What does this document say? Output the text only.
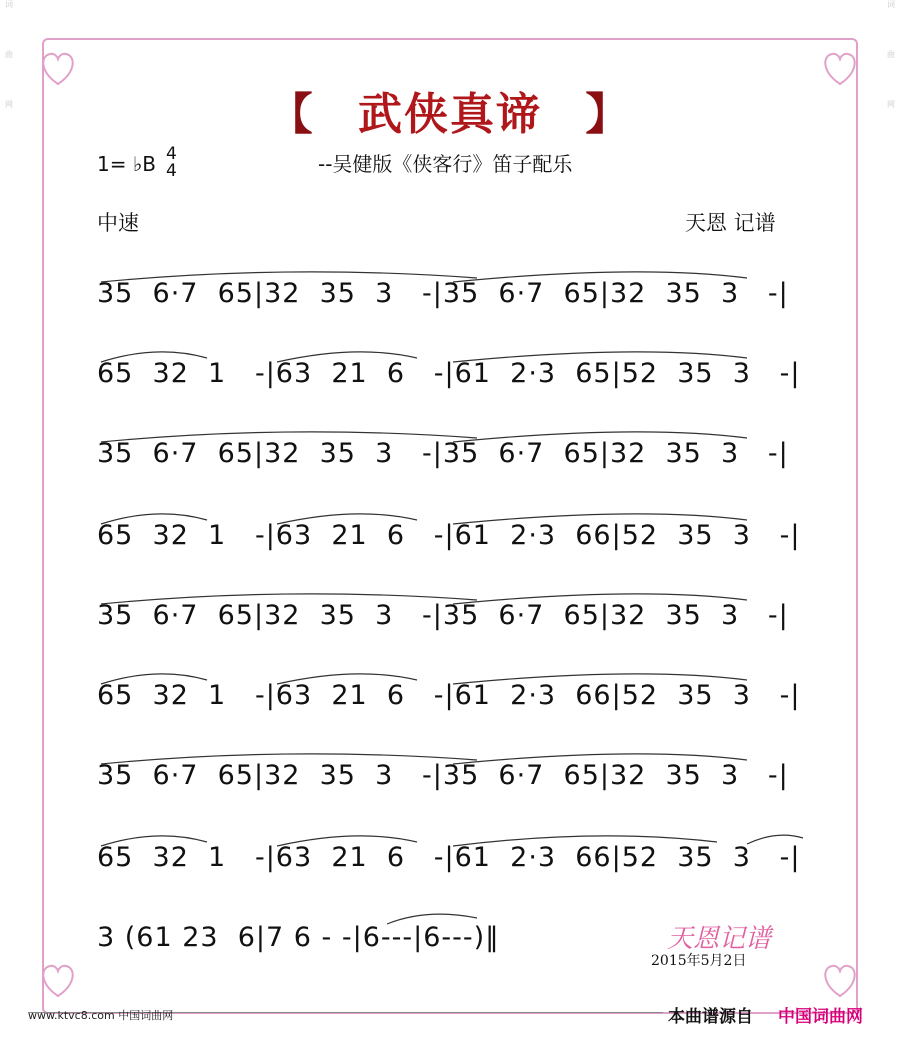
词
曲
网
词
曲
网
【 武侠真谛 】
1= ♭B 4
4	--吴健版《侠客行》笛子配乐
中速	天恩 记谱
35  6·7  65|32  35  3   -|35  6·7  65|32  35  3   -|
65  32  1   -|63  21  6   -|61  2·3  65|52  35  3   -|
35  6·7  65|32  35  3   -|35  6·7  65|32  35  3   -|
65  32  1   -|63  21  6   -|61  2·3  66|52  35  3   -|
35  6·7  65|32  35  3   -|35  6·7  65|32  35  3   -|
65  32  1   -|63  21  6   -|61  2·3  66|52  35  3   -|
35  6·7  65|32  35  3   -|35  6·7  65|32  35  3   -|
65  32  1   -|63  21  6   -|61  2·3  66|52  35  3   -|
3 (61 23  6|7 6 - -|6---|6---)‖	天恩记谱
2015年5月2日
www.ktvc8.com 中国词曲网	本曲谱源自 中国词曲网
